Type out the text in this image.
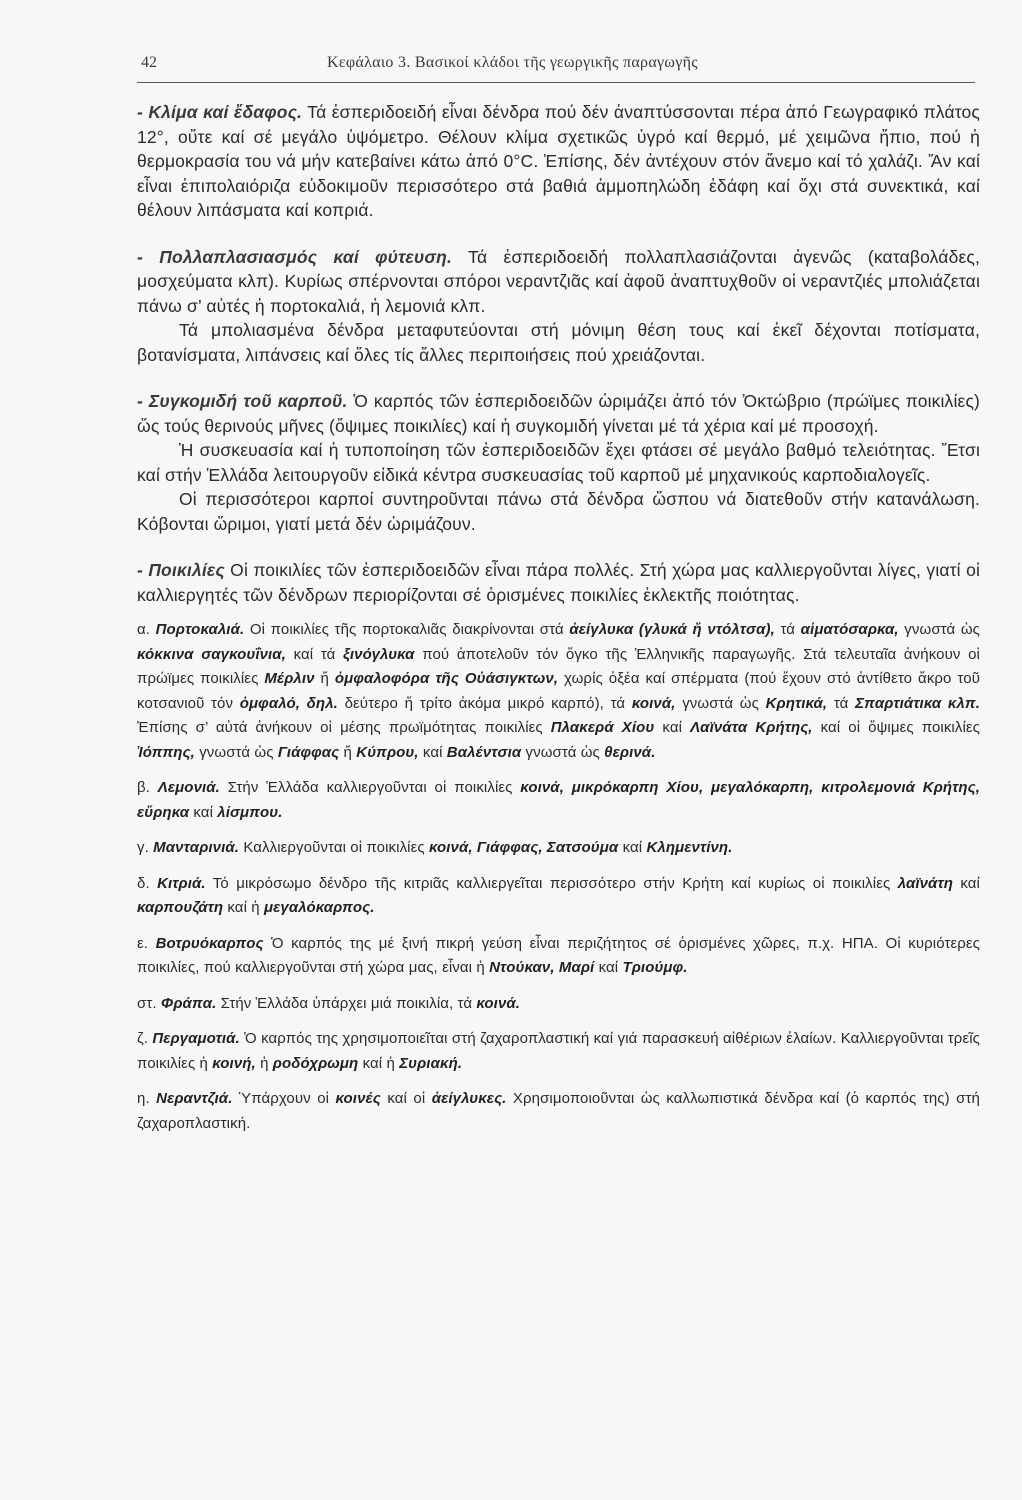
42	Κεφάλαιο 3. Βασικοί κλάδοι τῆς γεωργικῆς παραγωγῆς

- Κλίμα καί ἔδαφος. Τά ἐσπεριδοειδή εἶναι δένδρα πού δέν ἀναπτύσσονται πέρα ἀπό Γεωγραφικό πλάτος 12°, οὔτε καί σέ μεγάλο ὑψόμετρο. Θέλουν κλίμα σχετικῶς ὑγρό καί θερμό, μέ χειμῶνα ἤπιο, πού ἡ θερμοκρασία του νά μήν κατεβαίνει κάτω ἀπό 0°C. Ἐπίσης, δέν ἀντέχουν στόν ἄνεμο καί τό χαλάζι. Ἄν καί εἶναι ἐπιπολαιόριζα εὐδοκιμοῦν περισσότερο στά βαθιά ἀμμοπηλώδη ἐδάφη καί ὄχι στά συνεκτικά, καί θέλουν λιπάσματα καί κοπριά.

- Πολλαπλασιασμός καί φύτευση. Τά ἐσπεριδοειδή πολλαπλασιάζονται ἀγενῶς (καταβολάδες, μοσχεύματα κλπ). Κυρίως σπέρνονται σπόροι νεραντζιᾶς καί ἀφοῦ ἀναπτυχθοῦν οἱ νεραντζιές μπολιάζεται πάνω σ’ αὐτές ἡ πορτοκαλιά, ἡ λεμονιά κλπ.

Τά μπολιασμένα δένδρα μεταφυτεύονται στή μόνιμη θέση τους καί ἐκεῖ δέχονται ποτίσματα, βοτανίσματα, λιπάνσεις καί ὅλες τίς ἄλλες περιποιήσεις πού χρειάζονται.

- Συγκομιδή τοῦ καρποῦ. Ὁ καρπός τῶν ἐσπεριδοειδῶν ὡριμάζει ἀπό τόν Ὀκτώβριο (πρώϊμες ποικιλίες) ὥς τούς θερινούς μῆνες (ὄψιμες ποικιλίες) καί ἡ συγκομιδή γίνεται μέ τά χέρια καί μέ προσοχή.

Ἡ συσκευασία καί ἡ τυποποίηση τῶν ἐσπεριδοειδῶν ἔχει φτάσει σέ μεγάλο βαθμό τελειότητας. Ἔτσι καί στήν Ἑλλάδα λειτουργοῦν εἰδικά κέντρα συσκευασίας τοῦ καρποῦ μέ μηχανικούς καρποδιαλογεῖς.

Οἱ περισσότεροι καρποί συντηροῦνται πάνω στά δένδρα ὥσπου νά διατεθοῦν στήν κατανάλωση. Κόβονται ὥριμοι, γιατί μετά δέν ὡριμάζουν.

- Ποικιλίες Οἱ ποικιλίες τῶν ἐσπεριδοειδῶν εἶναι πάρα πολλές. Στή χώρα μας καλλιεργοῦνται λίγες, γιατί οἱ καλλιεργητές τῶν δένδρων περιορίζονται σέ ὁρισμένες ποικιλίες ἐκλεκτῆς ποιότητας.

α. Πορτοκαλιά. Οἱ ποικιλίες τῆς πορτοκαλιᾶς διακρίνονται στά ἀείγλυκα (γλυκά ἤ ντόλτσα), τά αἱματόσαρκα, γνωστά ὡς κόκκινα σαγκουΐνια, καί τά ξινόγλυκα πού ἀποτελοῦν τόν ὄγκο τῆς Ἑλληνικῆς παραγωγῆς. Στά τελευταῖα ἀνήκουν οἱ πρώϊμες ποικιλίες Μέρλιν ἤ ὀμφαλοφόρα τῆς Οὐάσιγκτων, χωρίς ὀξέα καί σπέρματα (πού ἔχουν στό ἀντίθετο ἄκρο τοῦ κοτσανιοῦ τόν ὀμφαλό, δηλ. δεύτερο ἤ τρίτο ἀκόμα μικρό καρπό), τά κοινά, γνωστά ὡς Κρητικά, τά Σπαρτιάτικα κλπ. Ἐπίσης σ’ αὐτά ἀνήκουν οἱ μέσης πρωϊμότητας ποικιλίες Πλακερά Χίου καί Λαϊνάτα Κρήτης, καί οἱ ὄψιμες ποικιλίες Ἰόππης, γνωστά ὡς Γιάφφας ἤ Κύπρου, καί Βαλέντσια γνωστά ὡς θερινά.

β. Λεμονιά. Στήν Ἑλλάδα καλλιεργοῦνται οἱ ποικιλίες κοινά, μικρόκαρπη Χίου, μεγαλόκαρπη, κιτρολεμονιά Κρήτης, εὔρηκα καί λίσμπου.

γ. Μανταρινιά. Καλλιεργοῦνται οἱ ποικιλίες κοινά, Γιάφφας, Σατσούμα καί Κλημεντίνη.

δ. Κιτριά. Τό μικρόσωμο δένδρο τῆς κιτριᾶς καλλιεργεῖται περισσότερο στήν Κρήτη καί κυρίως οἱ ποικιλίες λαϊνάτη καί καρπουζάτη καί ἡ μεγαλόκαρπος.

ε. Βοτρυόκαρπος Ὁ καρπός της μέ ξινή πικρή γεύση εἶναι περιζήτητος σέ ὁρισμένες χῶρες, π.χ. ΗΠΑ. Οἱ κυριότερες ποικιλίες, πού καλλιεργοῦνται στή χώρα μας, εἶναι ἡ Ντούκαν, Μαρί καί Τριούμφ.

στ. Φράπα. Στήν Ἑλλάδα ὑπάρχει μιά ποικιλία, τά κοινά.

ζ. Περγαμοτιά. Ὁ καρπός της χρησιμοποιεῖται στή ζαχαροπλαστική καί γιά παρασκευή αἰθέριων ἐλαίων. Καλλιεργοῦνται τρεῖς ποικιλίες ἡ κοινή, ἡ ροδόχρωμη καί ἡ Συριακή.

η. Νεραντζιά. Ὑπάρχουν οἱ κοινές καί οἱ ἀείγλυκες. Χρησιμοποιοῦνται ὡς καλλωπιστικά δένδρα καί (ὁ καρπός της) στή ζαχαροπλαστική.
